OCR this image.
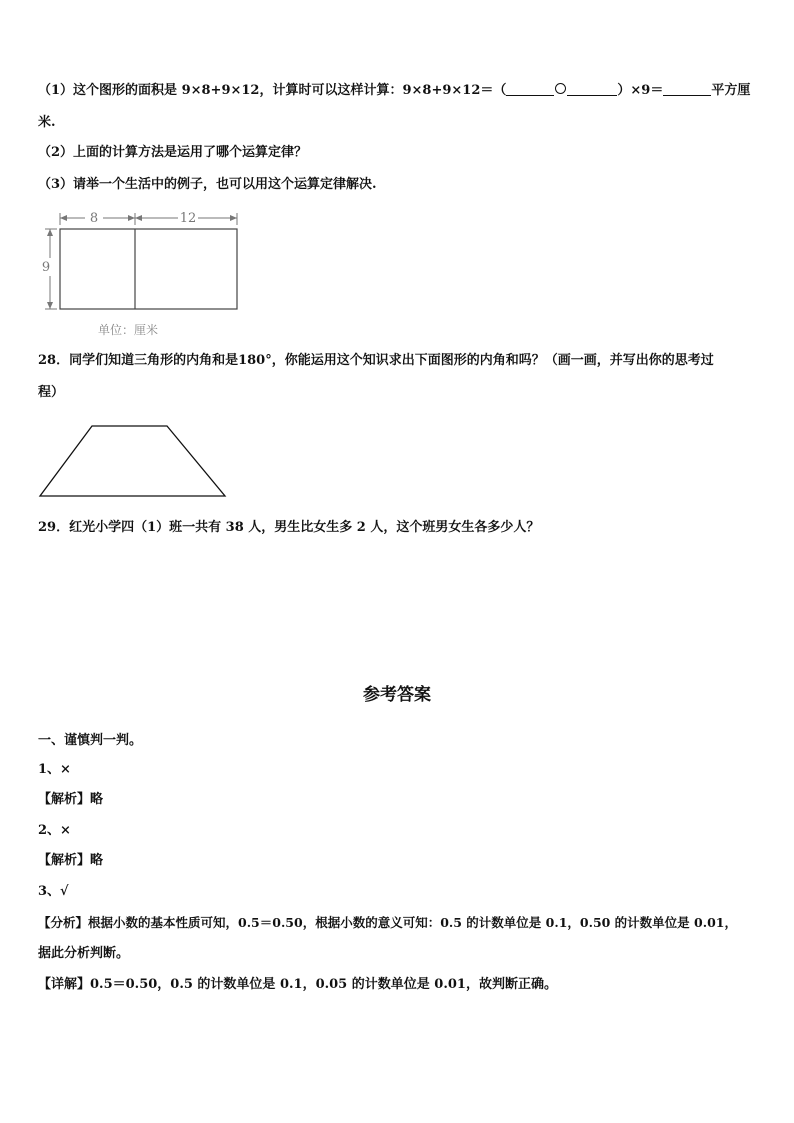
（1）这个图形的面积是 9×8+9×12，计算时可以这样计算：9×8+9×12＝（	）×9＝	平方厘
米.
（2）上面的计算方法是运用了哪个运算定律？
（3）请举一个生活中的例子，也可以用这个运算定律解决.
8	12
9
单位：厘米
28．同学们知道三角形的内角和是180°，你能运用这个知识求出下面图形的内角和吗？（画一画，并写出你的思考过
程）
29．红光小学四（1）班一共有 38 人，男生比女生多 2 人，这个班男女生各多少人？
参考答案
一、谨慎判一判。
1、×
【解析】略
2、×
【解析】略
3、√
【分析】根据小数的基本性质可知，0.5＝0.50，根据小数的意义可知：0.5 的计数单位是 0.1，0.50 的计数单位是 0.01，
据此分析判断。
【详解】0.5＝0.50，0.5 的计数单位是 0.1，0.05 的计数单位是 0.01，故判断正确。
